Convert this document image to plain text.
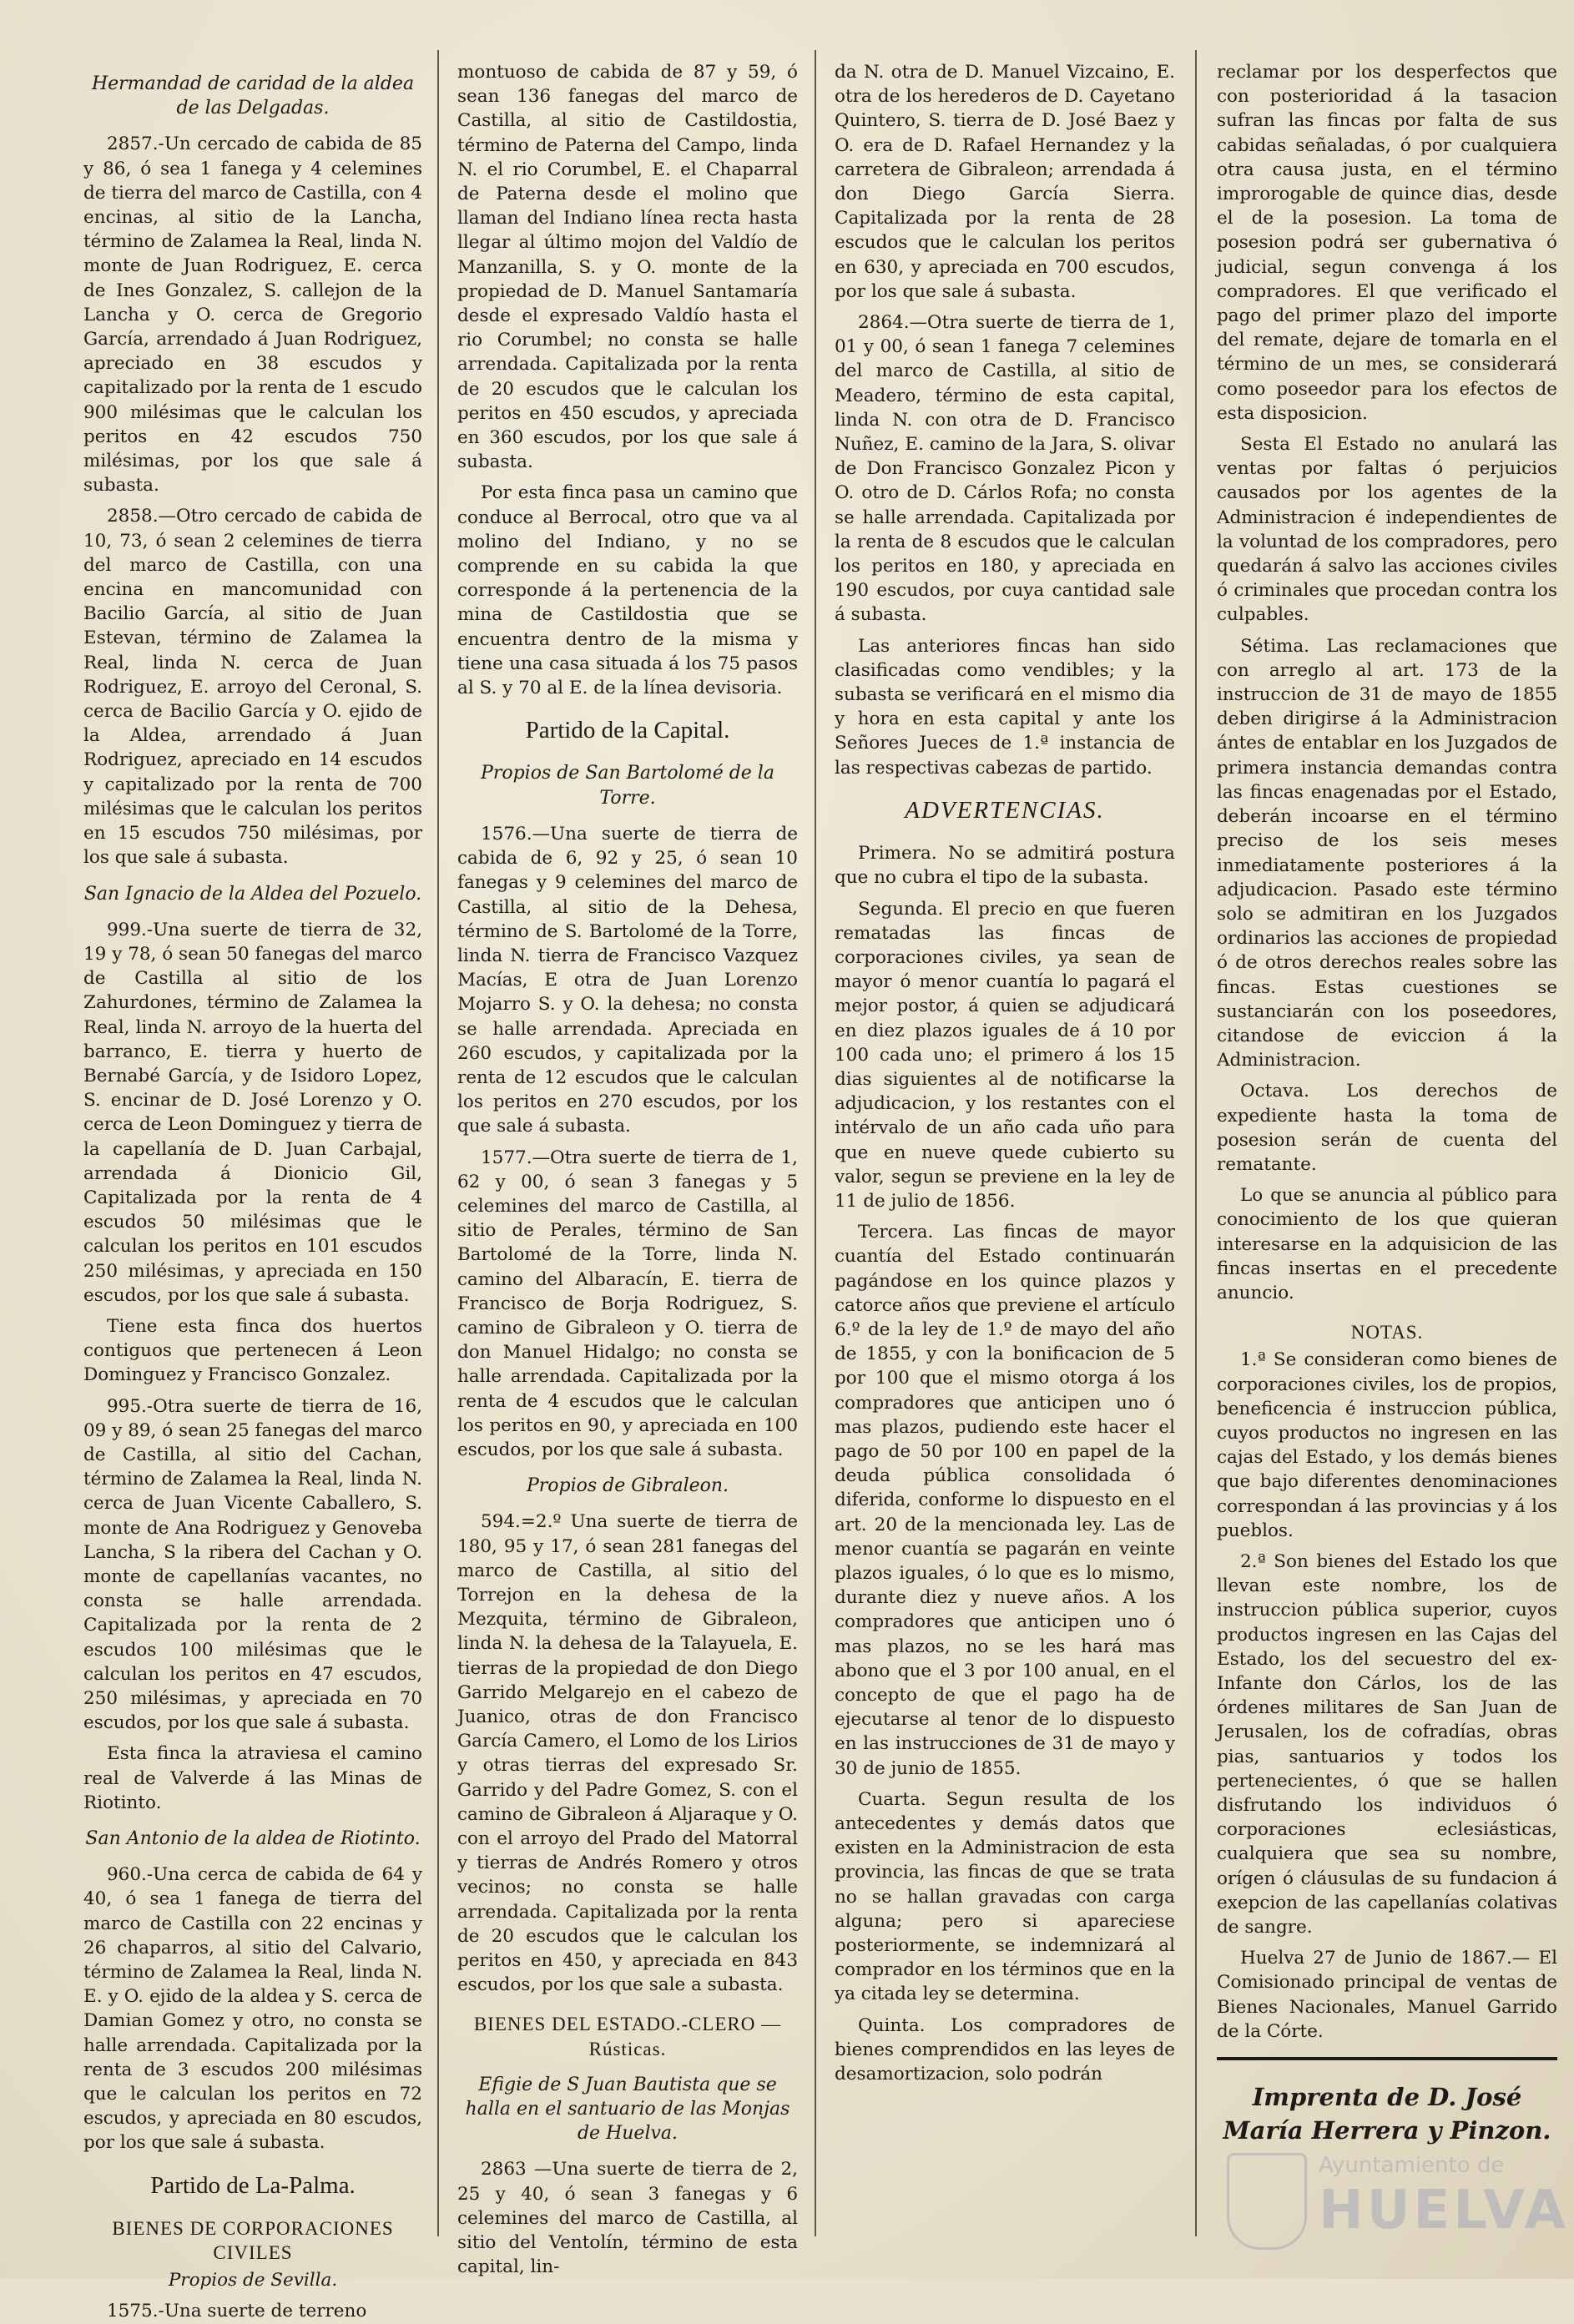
Hermandad de caridad de la aldea de las Delgadas.

2857.-Un cercado de cabida de 85 y 86, ó sea 1 fanega y 4 celemines de tierra del marco de Castilla, con 4 encinas, al sitio de la Lancha, término de Zalamea la Real, linda N. monte de Juan Rodriguez, E. cerca de Ines Gonzalez, S. callejon de la Lancha y O. cerca de Gregorio García, arrendado á Juan Rodriguez, apreciado en 38 escudos y capitalizado por la renta de 1 escudo 900 milésimas que le calculan los peritos en 42 escudos 750 milésimas, por los que sale á subasta.

2858.—Otro cercado de cabida de 10, 73, ó sean 2 celemines de tierra del marco de Castilla, con una encina en mancomunidad con Bacilio García, al sitio de Juan Estevan, término de Zalamea la Real, linda N. cerca de Juan Rodriguez, E. arroyo del Ceronal, S. cerca de Bacilio García y O. ejido de la Aldea, arrendado á Juan Rodriguez, apreciado en 14 escudos y capitalizado por la renta de 700 milésimas que le calculan los peritos en 15 escudos 750 milésimas, por los que sale á subasta.

San Ignacio de la Aldea del Pozuelo.

999.-Una suerte de tierra de 32, 19 y 78, ó sean 50 fanegas del marco de Castilla al sitio de los Zahurdones, término de Zalamea la Real, linda N. arroyo de la huerta del barranco, E. tierra y huerto de Bernabé García, y de Isidoro Lopez, S. encinar de D. José Lorenzo y O. cerca de Leon Dominguez y tierra de la capellanía de D. Juan Carbajal, arrendada á Dionicio Gil, Capitalizada por la renta de 4 escudos 50 milésimas que le calculan los peritos en 101 escudos 250 milésimas, y apreciada en 150 escudos, por los que sale á subasta.

Tiene esta finca dos huertos contiguos que pertenecen á Leon Dominguez y Francisco Gonzalez.

995.-Otra suerte de tierra de 16, 09 y 89, ó sean 25 fanegas del marco de Castilla, al sitio del Cachan, término de Zalamea la Real, linda N. cerca de Juan Vicente Caballero, S. monte de Ana Rodriguez y Genoveba Lancha, S la ribera del Cachan y O. monte de capellanías vacantes, no consta se halle arrendada. Capitalizada por la renta de 2 escudos 100 milésimas que le calculan los peritos en 47 escudos, 250 milésimas, y apreciada en 70 escudos, por los que sale á subasta.

Esta finca la atraviesa el camino real de Valverde á las Minas de Riotinto.

San Antonio de la aldea de Riotinto.

960.-Una cerca de cabida de 64 y 40, ó sea 1 fanega de tierra del marco de Castilla con 22 encinas y 26 chaparros, al sitio del Calvario, término de Zalamea la Real, linda N. E. y O. ejido de la aldea y S. cerca de Damian Gomez y otro, no consta se halle arrendada. Capitalizada por la renta de 3 escudos 200 milésimas que le calculan los peritos en 72 escudos, y apreciada en 80 escudos, por los que sale á subasta.

Partido de La-Palma.

BIENES DE CORPORACIONES CIVILES

Propios de Sevilla.

1575.-Una suerte de terreno

montuoso de cabida de 87 y 59, ó sean 136 fanegas del marco de Castilla, al sitio de Castildostia, término de Paterna del Campo, linda N. el rio Corumbel, E. el Chaparral de Paterna desde el molino que llaman del Indiano línea recta hasta llegar al último mojon del Valdío de Manzanilla, S. y O. monte de la propiedad de D. Manuel Santamaría desde el expresado Valdío hasta el rio Corumbel; no consta se halle arrendada. Capitalizada por la renta de 20 escudos que le calculan los peritos en 450 escudos, y apreciada en 360 escudos, por los que sale á subasta.

Por esta finca pasa un camino que conduce al Berrocal, otro que va al molino del Indiano, y no se comprende en su cabida la que corresponde á la pertenencia de la mina de Castildostia que se encuentra dentro de la misma y tiene una casa situada á los 75 pasos al S. y 70 al E. de la línea devisoria.

Partido de la Capital.

Propios de San Bartolomé de la Torre.

1576.—Una suerte de tierra de cabida de 6, 92 y 25, ó sean 10 fanegas y 9 celemines del marco de Castilla, al sitio de la Dehesa, término de S. Bartolomé de la Torre, linda N. tierra de Francisco Vazquez Macías, E otra de Juan Lorenzo Mojarro S. y O. la dehesa; no consta se halle arrendada. Apreciada en 260 escudos, y capitalizada por la renta de 12 escudos que le calculan los peritos en 270 escudos, por los que sale á subasta.

1577.—Otra suerte de tierra de 1, 62 y 00, ó sean 3 fanegas y 5 celemines del marco de Castilla, al sitio de Perales, término de San Bartolomé de la Torre, linda N. camino del Albaracín, E. tierra de Francisco de Borja Rodriguez, S. camino de Gibraleon y O. tierra de don Manuel Hidalgo; no consta se halle arrendada. Capitalizada por la renta de 4 escudos que le calculan los peritos en 90, y apreciada en 100 escudos, por los que sale á subasta.

Propios de Gibraleon.

594.=2.º Una suerte de tierra de 180, 95 y 17, ó sean 281 fanegas del marco de Castilla, al sitio del Torrejon en la dehesa de la Mezquita, término de Gibraleon, linda N. la dehesa de la Talayuela, E. tierras de la propiedad de don Diego Garrido Melgarejo en el cabezo de Juanico, otras de don Francisco García Camero, el Lomo de los Lirios y otras tierras del expresado Sr. Garrido y del Padre Gomez, S. con el camino de Gibraleon á Aljaraque y O. con el arroyo del Prado del Matorral y tierras de Andrés Romero y otros vecinos; no consta se halle arrendada. Capitalizada por la renta de 20 escudos que le calculan los peritos en 450, y apreciada en 843 escudos, por los que sale a subasta.

BIENES DEL ESTADO.-CLERO — Rústicas.

Efigie de S Juan Bautista que se halla en el santuario de las Monjas de Huelva.

2863 —Una suerte de tierra de 2, 25 y 40, ó sean 3 fanegas y 6 celemines del marco de Castilla, al sitio del Ventolín, término de esta capital, lin-

da N. otra de D. Manuel Vizcaino, E. otra de los herederos de D. Cayetano Quintero, S. tierra de D. José Baez y O. era de D. Rafael Hernandez y la carretera de Gibraleon; arrendada á don Diego García Sierra. Capitalizada por la renta de 28 escudos que le calculan los peritos en 630, y apreciada en 700 escudos, por los que sale á subasta.

2864.—Otra suerte de tierra de 1, 01 y 00, ó sean 1 fanega 7 celemines del marco de Castilla, al sitio de Meadero, término de esta capital, linda N. con otra de D. Francisco Nuñez, E. camino de la Jara, S. olivar de Don Francisco Gonzalez Picon y O. otro de D. Cárlos Rofa; no consta se halle arrendada. Capitalizada por la renta de 8 escudos que le calculan los peritos en 180, y apreciada en 190 escudos, por cuya cantidad sale á subasta.

Las anteriores fincas han sido clasificadas como vendibles; y la subasta se verificará en el mismo dia y hora en esta capital y ante los Señores Jueces de 1.ª instancia de las respectivas cabezas de partido.

ADVERTENCIAS.

Primera. No se admitirá postura que no cubra el tipo de la subasta.

Segunda. El precio en que fueren rematadas las fincas de corporaciones civiles, ya sean de mayor ó menor cuantía lo pagará el mejor postor, á quien se adjudicará en diez plazos iguales de á 10 por 100 cada uno; el primero á los 15 dias siguientes al de notificarse la adjudicacion, y los restantes con el intérvalo de un año cada uño para que en nueve quede cubierto su valor, segun se previene en la ley de 11 de julio de 1856.

Tercera. Las fincas de mayor cuantía del Estado continuarán pagándose en los quince plazos y catorce años que previene el artículo 6.º de la ley de 1.º de mayo del año de 1855, y con la bonificacion de 5 por 100 que el mismo otorga á los compradores que anticipen uno ó mas plazos, pudiendo este hacer el pago de 50 por 100 en papel de la deuda pública consolidada ó diferida, conforme lo dispuesto en el art. 20 de la mencionada ley. Las de menor cuantía se pagarán en veinte plazos iguales, ó lo que es lo mismo, durante diez y nueve años. A los compradores que anticipen uno ó mas plazos, no se les hará mas abono que el 3 por 100 anual, en el concepto de que el pago ha de ejecutarse al tenor de lo dispuesto en las instrucciones de 31 de mayo y 30 de junio de 1855.

Cuarta. Segun resulta de los antecedentes y demás datos que existen en la Administracion de esta provincia, las fincas de que se trata no se hallan gravadas con carga alguna; pero si apareciese posteriormente, se indemnizará al comprador en los términos que en la ya citada ley se determina.

Quinta. Los compradores de bienes comprendidos en las leyes de desamortizacion, solo podrán

reclamar por los desperfectos que con posterioridad á la tasacion sufran las fincas por falta de sus cabidas señaladas, ó por cualquiera otra causa justa, en el término improrogable de quince dias, desde el de la posesion. La toma de posesion podrá ser gubernativa ó judicial, segun convenga á los compradores. El que verificado el pago del primer plazo del importe del remate, dejare de tomarla en el término de un mes, se considerará como poseedor para los efectos de esta disposicion.

Sesta El Estado no anulará las ventas por faltas ó perjuicios causados por los agentes de la Administracion é independientes de la voluntad de los compradores, pero quedarán á salvo las acciones civiles ó criminales que procedan contra los culpables.

Sétima. Las reclamaciones que con arreglo al art. 173 de la instruccion de 31 de mayo de 1855 deben dirigirse á la Administracion ántes de entablar en los Juzgados de primera instancia demandas contra las fincas enagenadas por el Estado, deberán incoarse en el término preciso de los seis meses inmediatamente posteriores á la adjudicacion. Pasado este término solo se admitiran en los Juzgados ordinarios las acciones de propiedad ó de otros derechos reales sobre las fincas. Estas cuestiones se sustanciarán con los poseedores, citandose de eviccion á la Administracion.

Octava. Los derechos de expediente hasta la toma de posesion serán de cuenta del rematante.

Lo que se anuncia al público para conocimiento de los que quieran interesarse en la adquisicion de las fincas insertas en el precedente anuncio.

NOTAS.

1.ª Se consideran como bienes de corporaciones civiles, los de propios, beneficencia é instruccion pública, cuyos productos no ingresen en las cajas del Estado, y los demás bienes que bajo diferentes denominaciones correspondan á las provincias y á los pueblos.

2.ª Son bienes del Estado los que llevan este nombre, los de instruccion pública superior, cuyos productos ingresen en las Cajas del Estado, los del secuestro del ex-Infante don Cárlos, los de las órdenes militares de San Juan de Jerusalen, los de cofradías, obras pias, santuarios y todos los pertenecientes, ó que se hallen disfrutando los individuos ó corporaciones eclesiásticas, cualquiera que sea su nombre, orígen ó cláusulas de su fundacion á exepcion de las capellanías colativas de sangre.

Huelva 27 de Junio de 1867.— El Comisionado principal de ventas de Bienes Nacionales, Manuel Garrido de la Córte.

Imprenta de D. José María Herrera y Pinzon.

Ayuntamiento de
HUELVA
